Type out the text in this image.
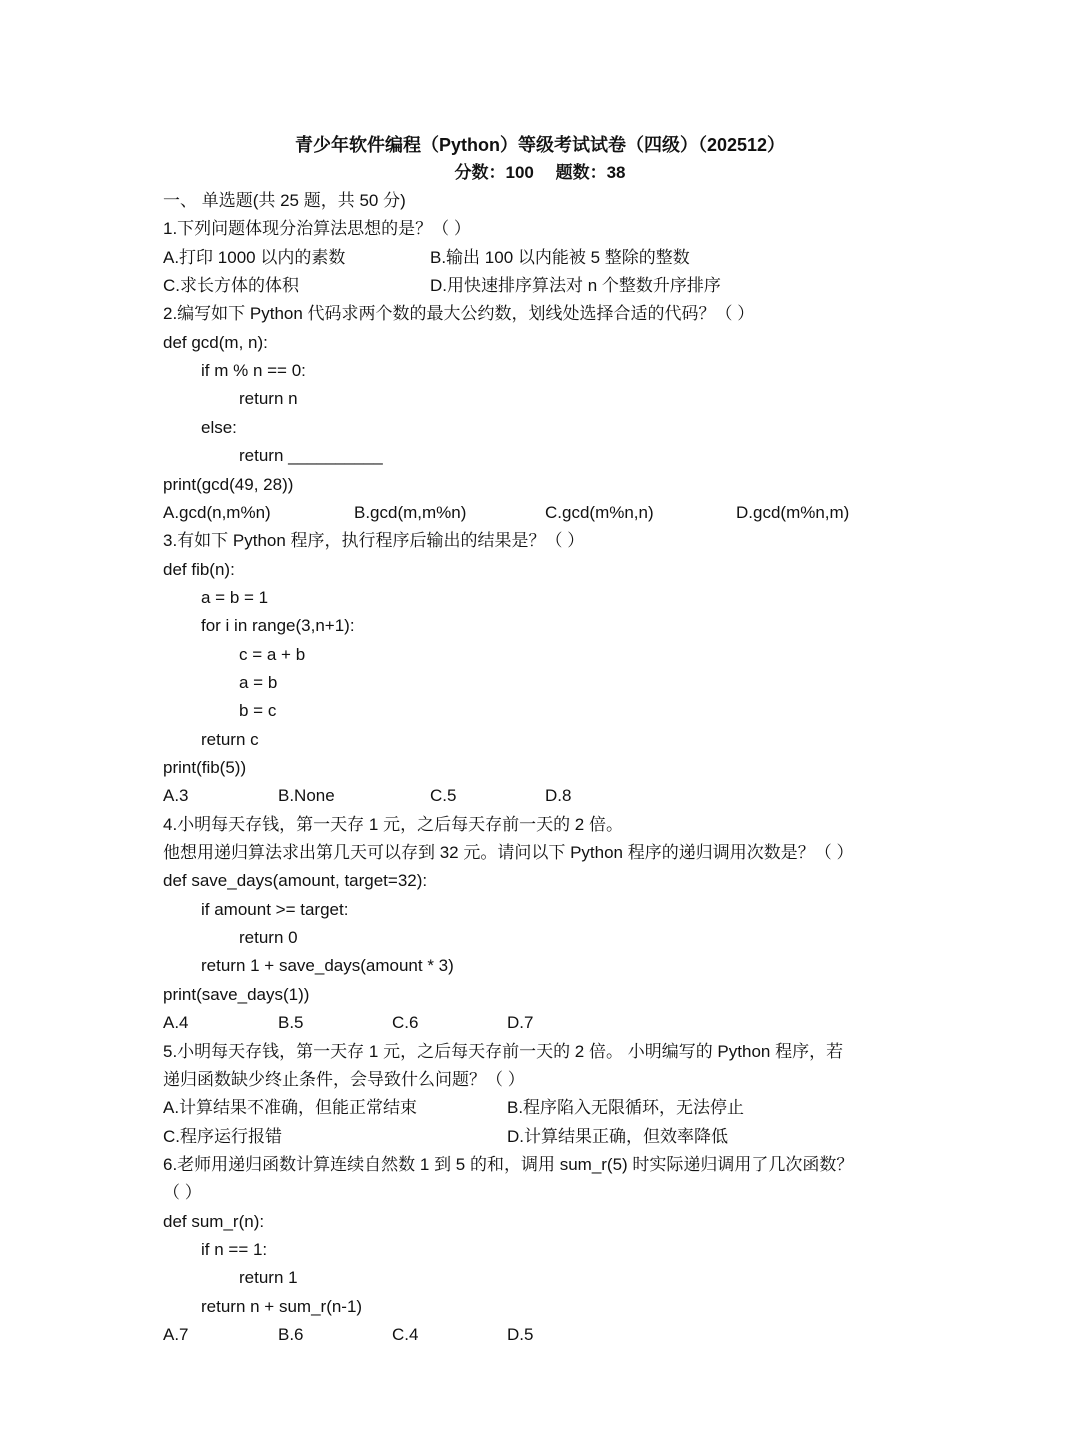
青少年软件编程（Python）等级考试试卷（四级）（202512）
分数：100　 题数：38
一、 单选题(共 25 题，共 50 分)
1.下列问题体现分治算法思想的是？（ ）
A.打印 1000 以内的素数	B.输出 100 以内能被 5 整除的整数
C.求长方体的体积	D.用快速排序算法对 n 个整数升序排序
2.编写如下 Python 代码求两个数的最大公约数，划线处选择合适的代码？（ ）
def gcd(m, n):
if m % n == 0:
return n
else:
return __________
print(gcd(49, 28))
A.gcd(n,m%n)	B.gcd(m,m%n)	C.gcd(m%n,n)	D.gcd(m%n,m)
3.有如下 Python 程序，执行程序后输出的结果是？（ ）
def fib(n):
a = b = 1
for i in range(3,n+1):
c = a + b
a = b
b = c
return c
print(fib(5))
A.3	B.None	C.5	D.8
4.小明每天存钱，第一天存 1 元，之后每天存前一天的 2 倍。
他想用递归算法求出第几天可以存到 32 元。请问以下 Python 程序的递归调用次数是？（ ）
def save_days(amount, target=32):
if amount >= target:
return 0
return 1 + save_days(amount * 3)
print(save_days(1))
A.4	B.5	C.6	D.7
5.小明每天存钱，第一天存 1 元，之后每天存前一天的 2 倍。 小明编写的 Python 程序，若
递归函数缺少终止条件，会导致什么问题？（ ）
A.计算结果不准确，但能正常结束	B.程序陷入无限循环，无法停止
C.程序运行报错	D.计算结果正确，但效率降低
6.老师用递归函数计算连续自然数 1 到 5 的和，调用 sum_r(5) 时实际递归调用了几次函数？
（ ）
def sum_r(n):
if n == 1:
return 1
return n + sum_r(n-1)
A.7	B.6	C.4	D.5
